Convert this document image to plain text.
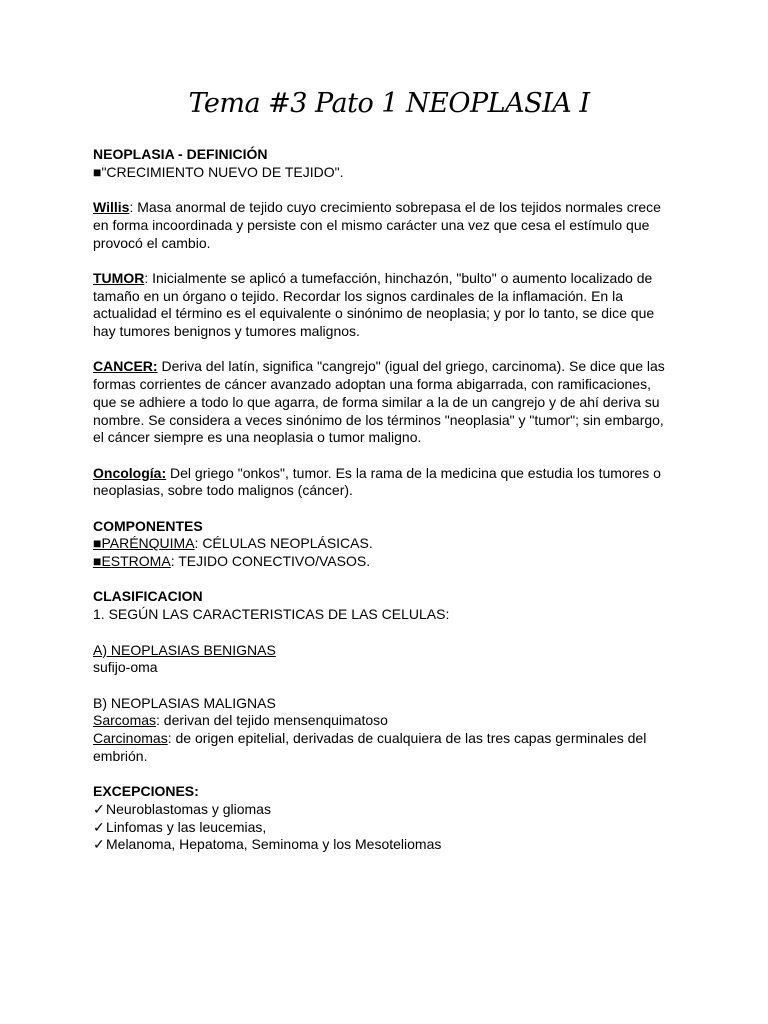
Tema #3 Pato 1 NEOPLASIA I
NEOPLASIA - DEFINICIÓN
■"CRECIMIENTO NUEVO DE TEJIDO".
Willis: Masa anormal de tejido cuyo crecimiento sobrepasa el de los tejidos normales crece
en forma incoordinada y persiste con el mismo carácter una vez que cesa el estímulo que
provocó el cambio.
TUMOR: Inicialmente se aplicó a tumefacción, hinchazón, "bulto" o aumento localizado de
tamaño en un órgano o tejido. Recordar los signos cardinales de la inflamación. En la
actualidad el término es el equivalente o sinónimo de neoplasia; y por lo tanto, se dice que
hay tumores benignos y tumores malignos.
CANCER: Deriva del latín, significa "cangrejo" (igual del griego, carcinoma). Se dice que las
formas corrientes de cáncer avanzado adoptan una forma abigarrada, con ramificaciones,
que se adhiere a todo lo que agarra, de forma similar a la de un cangrejo y de ahí deriva su
nombre. Se considera a veces sinónimo de los términos "neoplasia" y "tumor"; sin embargo,
el cáncer siempre es una neoplasia o tumor maligno.
Oncología: Del griego "onkos", tumor. Es la rama de la medicina que estudia los tumores o
neoplasias, sobre todo malignos (cáncer).
COMPONENTES
■PARÉNQUIMA: CÉLULAS NEOPLÁSICAS.
■ESTROMA: TEJIDO CONECTIVO/VASOS.
CLASIFICACION
1. SEGÚN LAS CARACTERISTICAS DE LAS CELULAS:
A) NEOPLASIAS BENIGNAS
sufijo-oma
B) NEOPLASIAS MALIGNAS
Sarcomas: derivan del tejido mensenquimatoso
Carcinomas: de origen epitelial, derivadas de cualquiera de las tres capas germinales del
embrión.
EXCEPCIONES:
✓Neuroblastomas y gliomas
✓Linfomas y las leucemias,
✓Melanoma, Hepatoma, Seminoma y los Mesoteliomas
